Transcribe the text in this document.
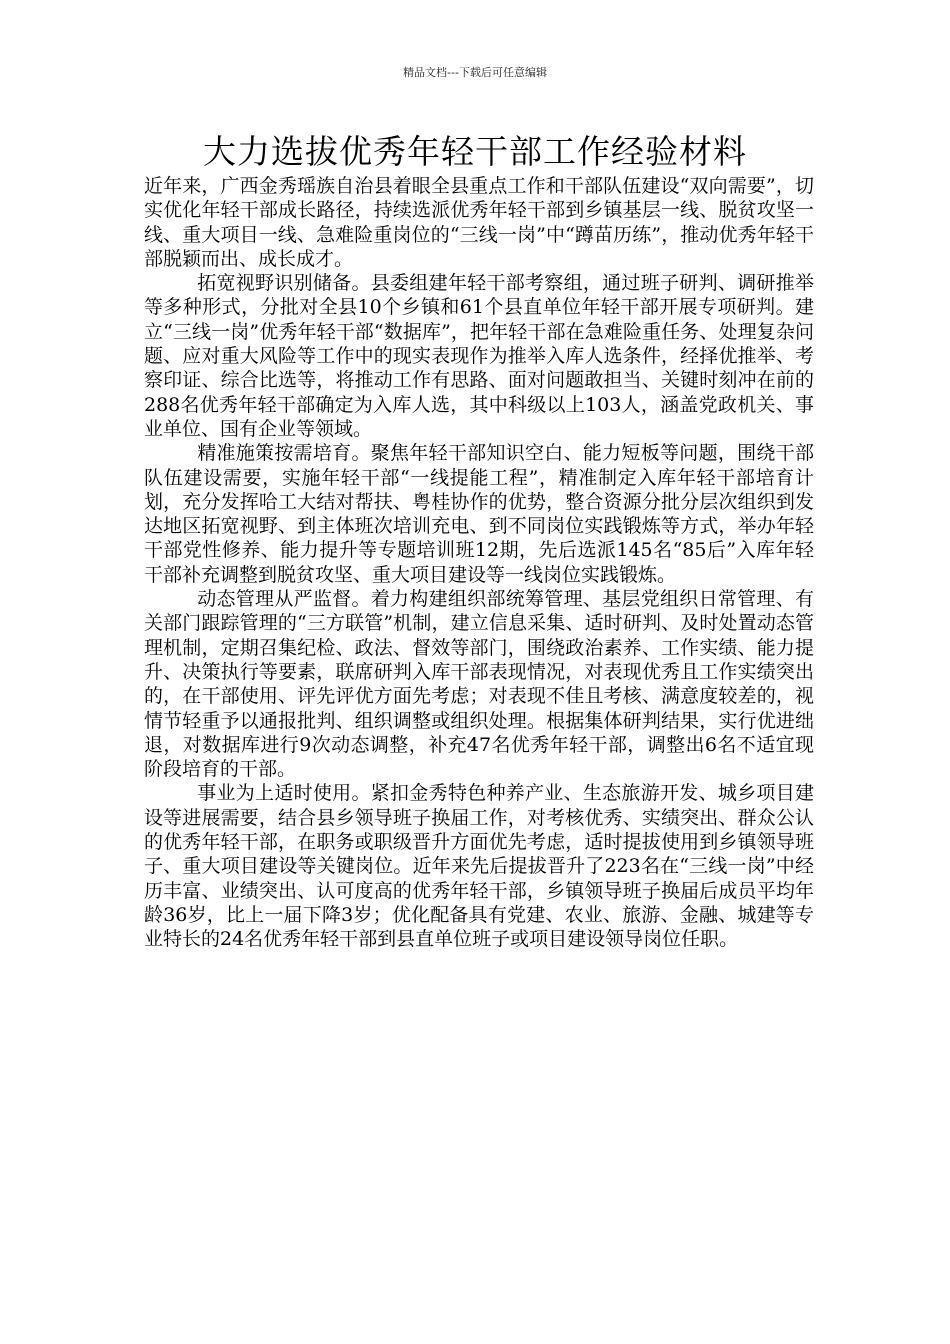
精品文档---下载后可任意编辑
大力选拔优秀年轻干部工作经验材料

近年来，广西金秀瑶族自治县着眼全县重点工作和干部队伍建设“双向需要”，切实优化年轻干部成长路径，持续选派优秀年轻干部到乡镇基层一线、脱贫攻坚一线、重大项目一线、急难险重岗位的“三线一岗”中“蹲苗历练”，推动优秀年轻干部脱颖而出、成长成才。

拓宽视野识别储备。县委组建年轻干部考察组，通过班子研判、调研推举等多种形式，分批对全县10个乡镇和61个县直单位年轻干部开展专项研判。建立“三线一岗”优秀年轻干部“数据库”，把年轻干部在急难险重任务、处理复杂问题、应对重大风险等工作中的现实表现作为推举入库人选条件，经择优推举、考察印证、综合比选等，将推动工作有思路、面对问题敢担当、关键时刻冲在前的288名优秀年轻干部确定为入库人选，其中科级以上103人，涵盖党政机关、事业单位、国有企业等领域。

精准施策按需培育。聚焦年轻干部知识空白、能力短板等问题，围绕干部队伍建设需要，实施年轻干部“一线提能工程”，精准制定入库年轻干部培育计划，充分发挥哈工大结对帮扶、粤桂协作的优势，整合资源分批分层次组织到发达地区拓宽视野、到主体班次培训充电、到不同岗位实践锻炼等方式，举办年轻干部党性修养、能力提升等专题培训班12期，先后选派145名“85后”入库年轻干部补充调整到脱贫攻坚、重大项目建设等一线岗位实践锻炼。

动态管理从严监督。着力构建组织部统筹管理、基层党组织日常管理、有关部门跟踪管理的“三方联管”机制，建立信息采集、适时研判、及时处置动态管理机制，定期召集纪检、政法、督效等部门，围绕政治素养、工作实绩、能力提升、决策执行等要素，联席研判入库干部表现情况，对表现优秀且工作实绩突出的，在干部使用、评先评优方面先考虑；对表现不佳且考核、满意度较差的，视情节轻重予以通报批判、组织调整或组织处理。根据集体研判结果，实行优进绌退，对数据库进行9次动态调整，补充47名优秀年轻干部，调整出6名不适宜现阶段培育的干部。

事业为上适时使用。紧扣金秀特色种养产业、生态旅游开发、城乡项目建设等进展需要，结合县乡领导班子换届工作，对考核优秀、实绩突出、群众公认的优秀年轻干部，在职务或职级晋升方面优先考虑，适时提拔使用到乡镇领导班子、重大项目建设等关键岗位。近年来先后提拔晋升了223名在“三线一岗”中经历丰富、业绩突出、认可度高的优秀年轻干部，乡镇领导班子换届后成员平均年龄36岁，比上一届下降3岁；优化配备具有党建、农业、旅游、金融、城建等专业特长的24名优秀年轻干部到县直单位班子或项目建设领导岗位任职。
